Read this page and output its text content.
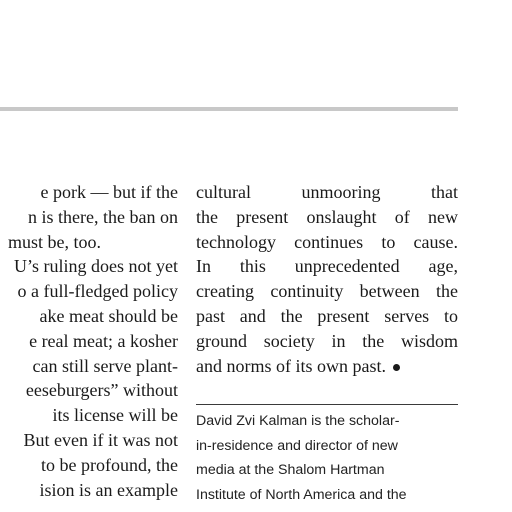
e pork — but if the
n is there, the ban on
must be, too.
U’s ruling does not yet
o a full-fledged policy
ake meat should be
e real meat; a kosher
can still serve plant-
eeseburgers” without
its license will be
But even if it was not
to be profound, the
ision is an example
cultural unmooring that
the present onslaught of new
technology continues to cause.
In this unprecedented age,
creating continuity between the
past and the present serves to
ground society in the wisdom
and norms of its own past.
David Zvi Kalman is the scholar-
in-residence and director of new
media at the Shalom Hartman
Institute of North America and the
